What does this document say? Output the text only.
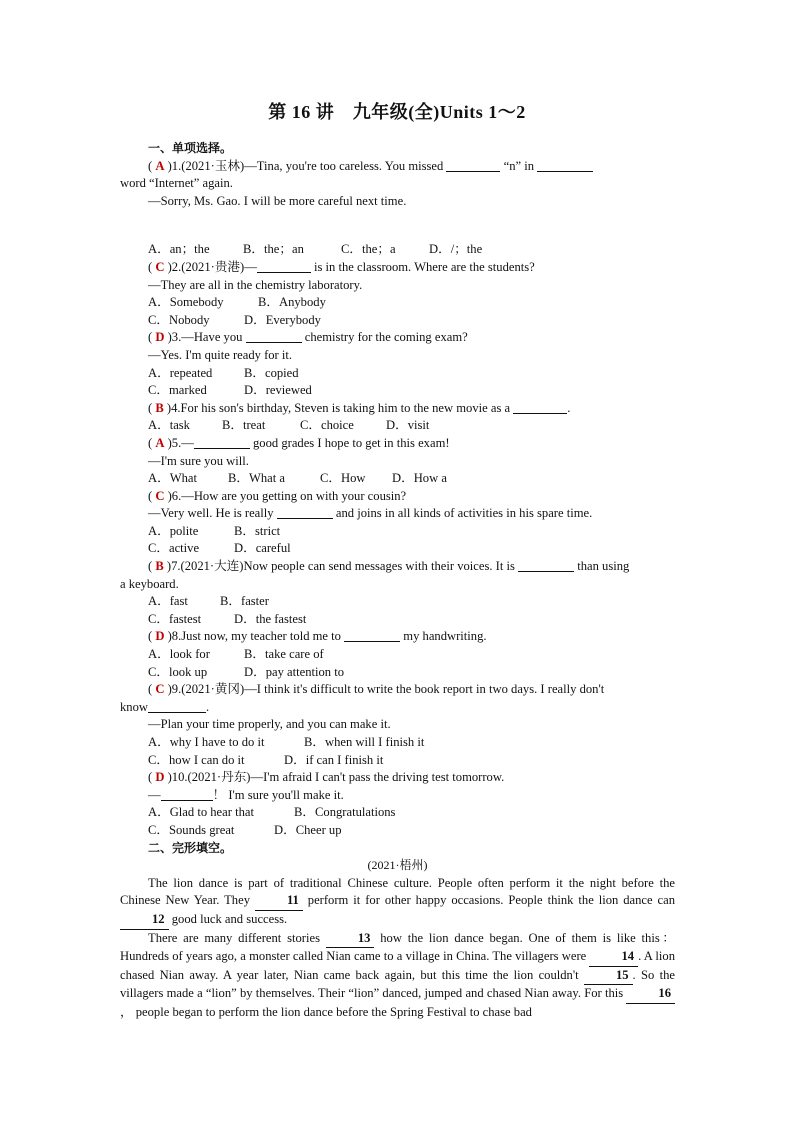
第 16 讲　九年级(全)Units 1～2
一、单项选择。
( A )1.(2021·玉林)—Tina, you're too careless. You missed	“n” in
word “Internet” again.
—Sorry, Ms. Gao. I will be more careful next time.
A．an；the	B．the；an	C．the；a	D．/；the
( C )2.(2021·贵港)—	is in the classroom. Where are the students?
—They are all in the chemistry laboratory.
A．Somebody	B．Anybody
C．Nobody	D．Everybody
( D )3.—Have you	chemistry for the coming exam?
—Yes. I'm quite ready for it.
A．repeated	B．copied
C．marked	D．reviewed
( B )4.For his son's birthday, Steven is taking him to the new movie as a	.
A．task	B．treat	C．choice	D．visit
( A )5.—	good grades I hope to get in this exam!
—I'm sure you will.
A．What B．What a	C．How D．How a
( C )6.—How are you getting on with your cousin?
—Very well. He is really	and joins in all kinds of activities in his spare time.
A．polite	B．strict
C．active	D．careful
( B )7.(2021·大连)Now people can send messages with their voices. It is	than using
a keyboard.
A．fast	B．faster
C．fastest	D．the fastest
( D )8.Just now, my teacher told me to	my handwriting.
A．look for	B．take care of
C．look up	D．pay attention to
( C )9.(2021·黄冈)—I think it's difficult to write the book report in two days. I really don't
know	.
—Plan your time properly, and you can make it.
A．why I have to do it	B．when will I finish it
C．how I can do it	D．if can I finish it
( D )10.(2021·丹东)—I'm afraid I can't pass the driving test tomorrow.
—	！ I'm sure you'll make it.
A．Glad to hear that	B．Congratulations
C．Sounds great	D．Cheer up
二、完形填空。
(2021·梧州)
The lion dance is part of traditional Chinese culture. People often perform it the night before the Chinese New Year. They	11 perform it for other happy occasions. People think the lion dance can 12 good luck and success.
There are many different stories	13 how the lion dance began. One of them is like this：Hundreds of years ago, a monster called Nian came to a village in China. The villagers were	14 . A lion chased Nian away. A year later, Nian came back again, but this time the lion couldn't	15 . So the villagers made a “lion” by themselves. Their “lion” danced, jumped and chased Nian away. For this	16， people began to perform the lion dance before the Spring Festival to chase bad
